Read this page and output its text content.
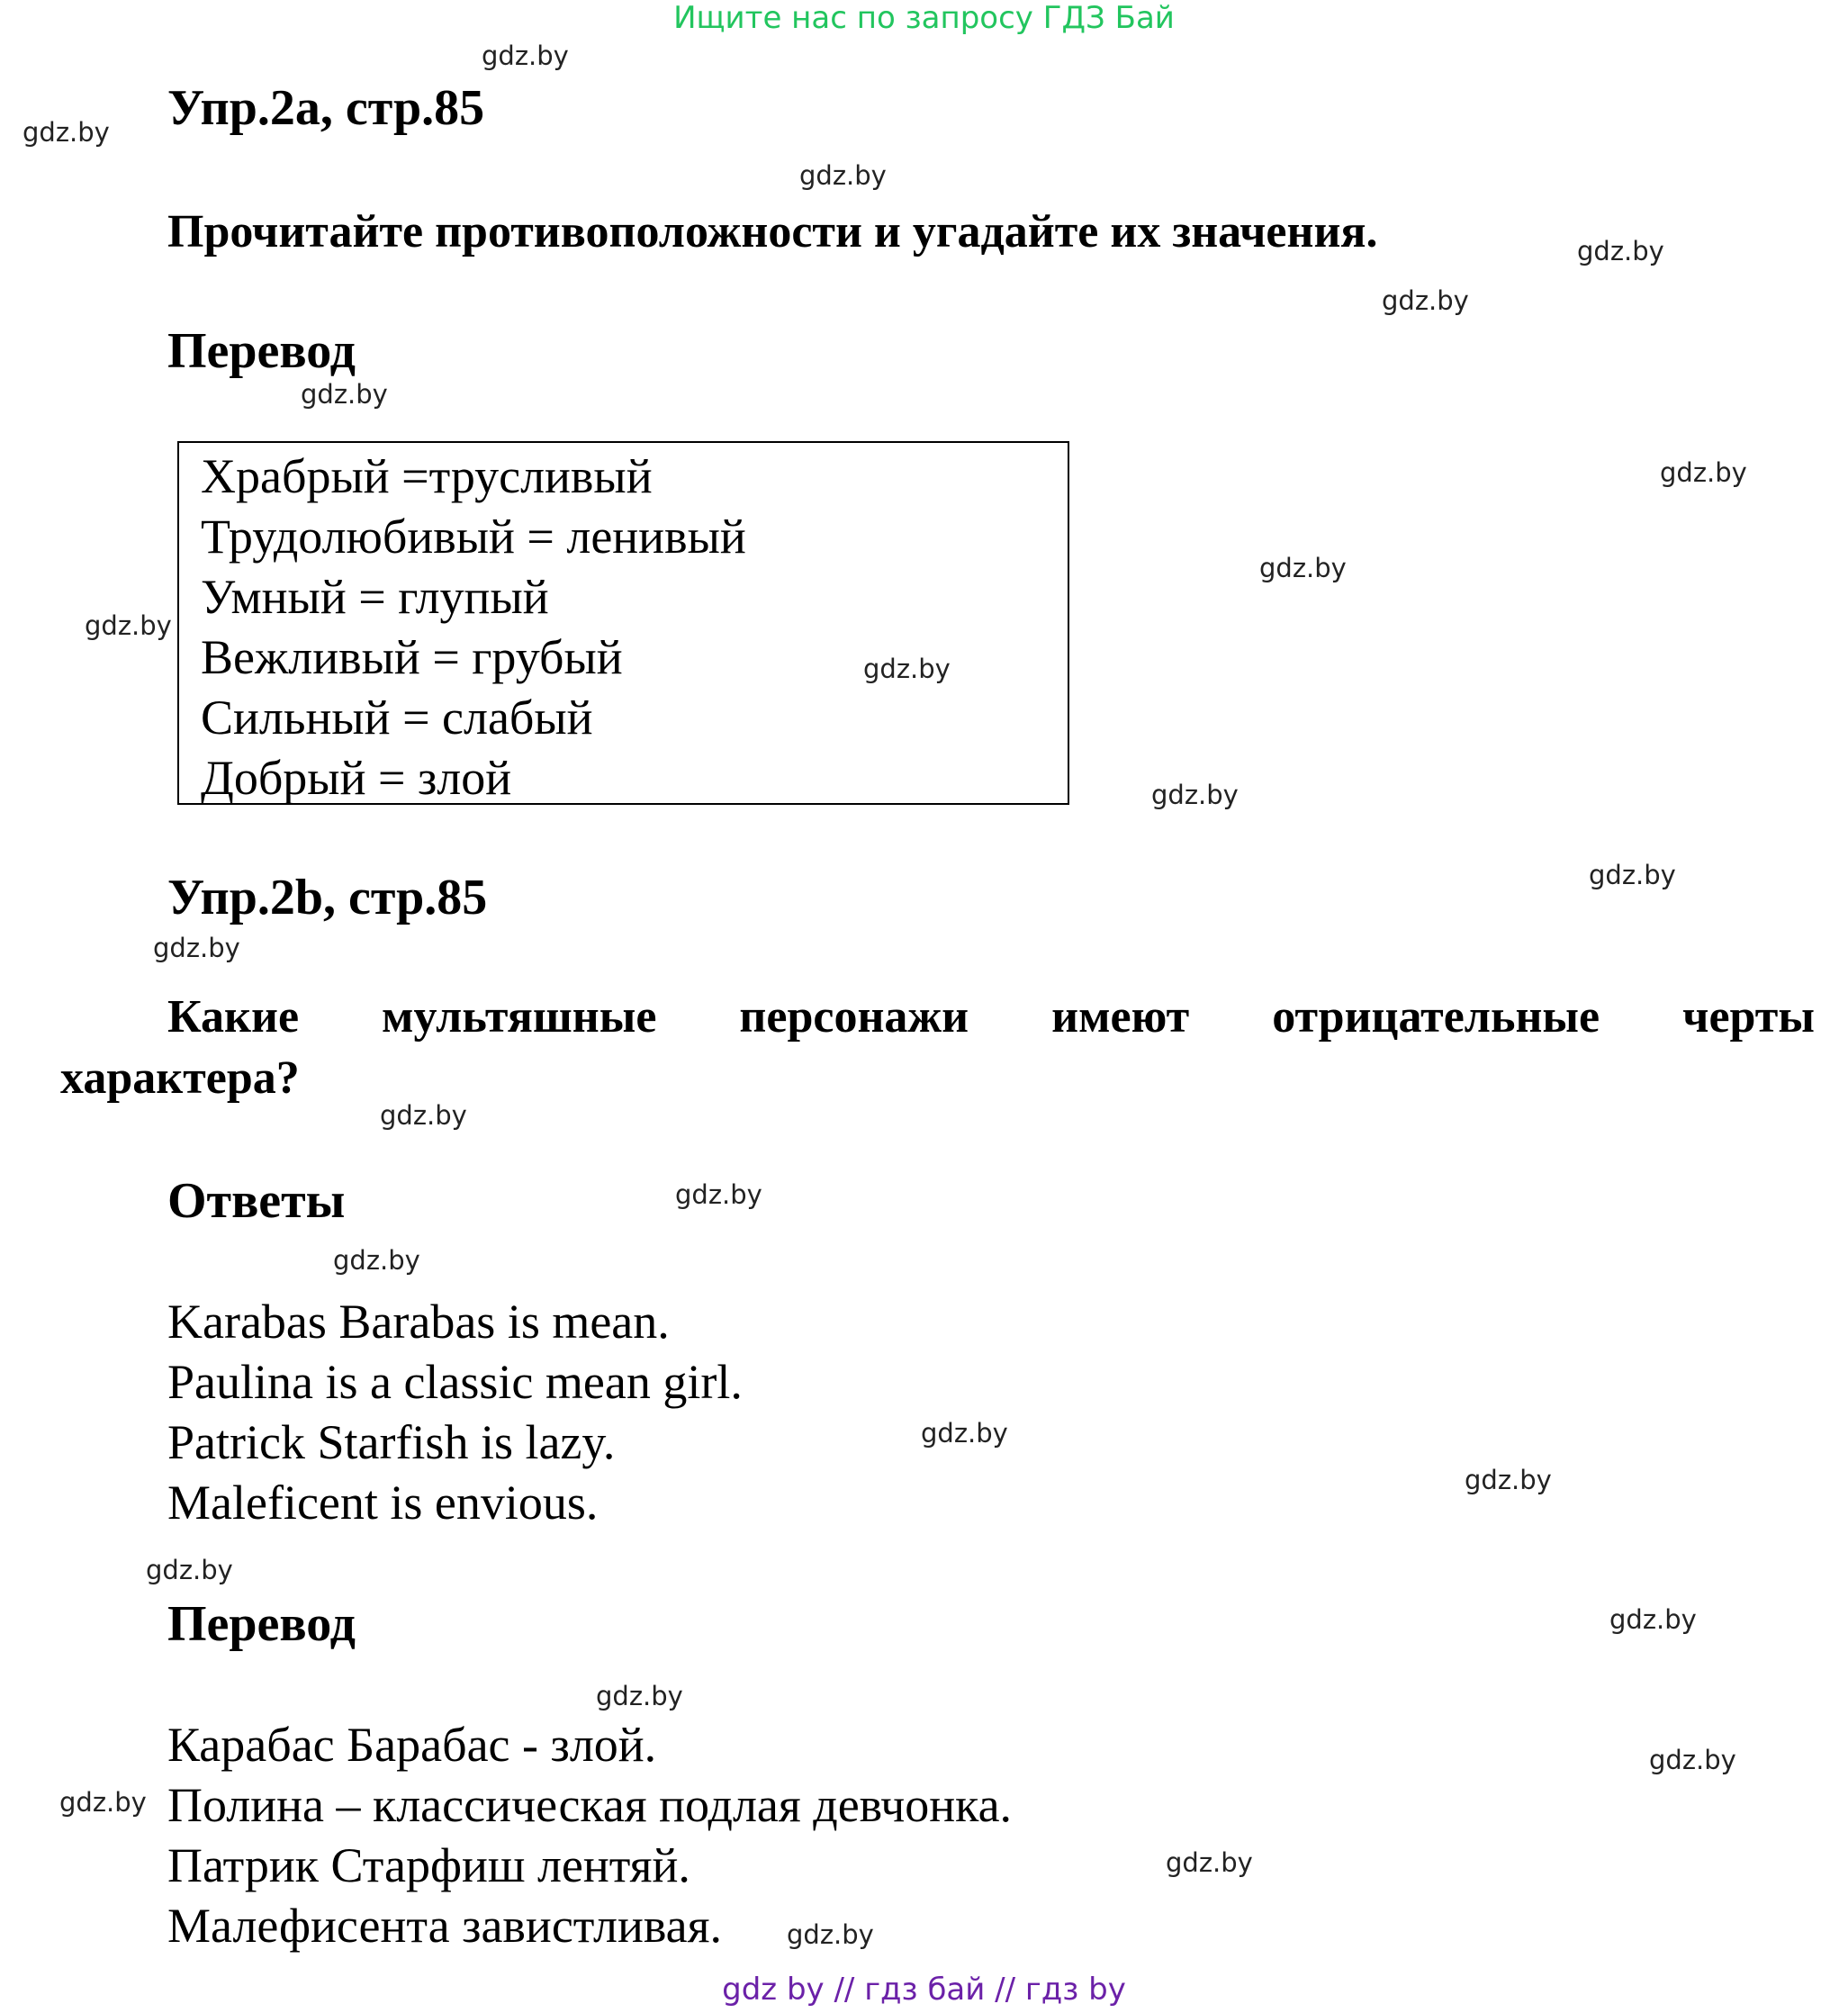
Ищите нас по запросу ГДЗ Бай
Упр.2а, стр.85
Прочитайте противоположности и угадайте их значения.
Перевод
Храбрый =трусливый
Трудолюбивый = ленивый
Умный = глупый
Вежливый = грубый
Сильный = слабый
Добрый = злой
Упр.2b, стр.85
Какие мультяшные персонажи имеют отрицательные черты
характера?
Ответы
Karabas Barabas is mean.
Paulina is a classic mean girl.
Patrick Starfish is lazy.
Maleficent is envious.
Перевод
Карабас Барабас - злой.
Полина – классическая подлая девчонка.
Патрик Старфиш лентяй.
Малефисента завистливая.
gdz.by
gdz.by
gdz.by
gdz.by
gdz.by
gdz.by
gdz.by
gdz.by
gdz.by
gdz.by
gdz.by
gdz.by
gdz.by
gdz.by
gdz.by
gdz.by
gdz.by
gdz.by
gdz.by
gdz.by
gdz.by
gdz.by
gdz.by
gdz.by
gdz.by
gdz by // гдз бай // гдз by
